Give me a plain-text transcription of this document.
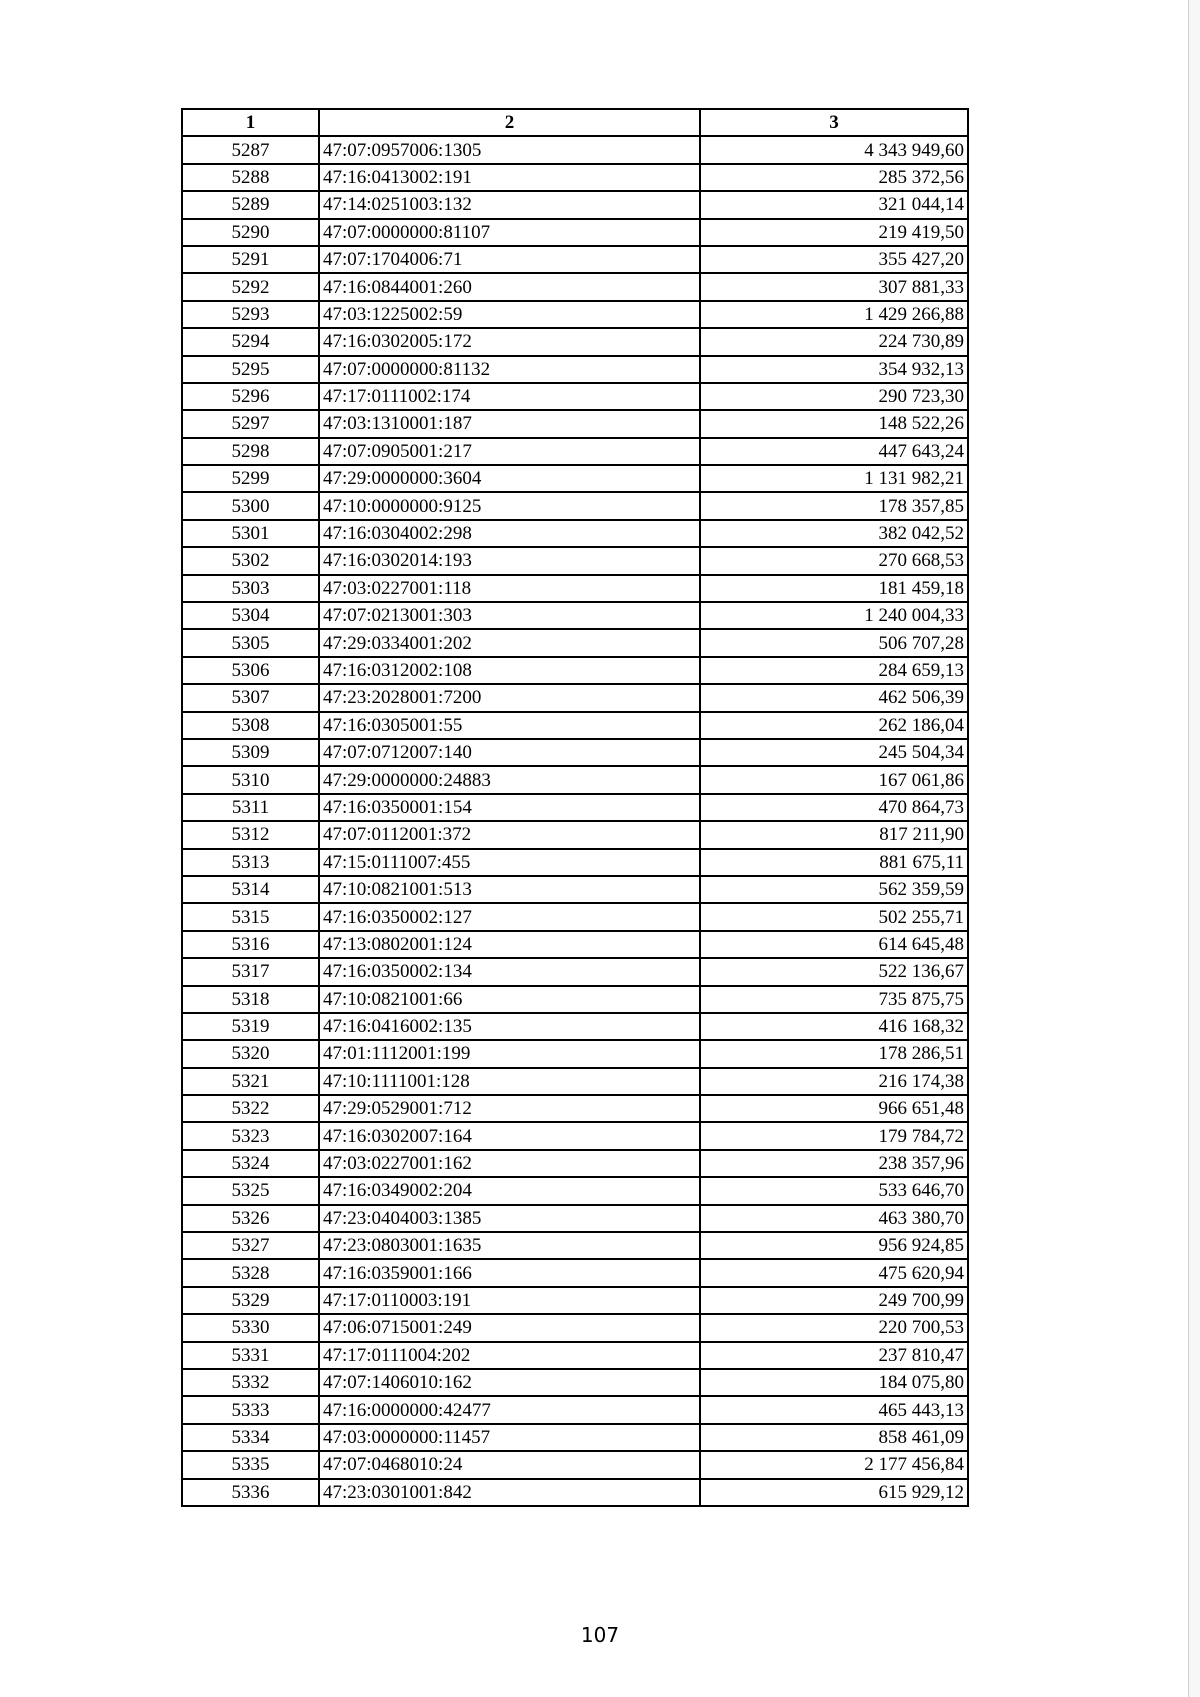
1	2	3
5287	47:07:0957006:1305	4 343 949,60
5288	47:16:0413002:191	285 372,56
5289	47:14:0251003:132	321 044,14
5290	47:07:0000000:81107	219 419,50
5291	47:07:1704006:71	355 427,20
5292	47:16:0844001:260	307 881,33
5293	47:03:1225002:59	1 429 266,88
5294	47:16:0302005:172	224 730,89
5295	47:07:0000000:81132	354 932,13
5296	47:17:0111002:174	290 723,30
5297	47:03:1310001:187	148 522,26
5298	47:07:0905001:217	447 643,24
5299	47:29:0000000:3604	1 131 982,21
5300	47:10:0000000:9125	178 357,85
5301	47:16:0304002:298	382 042,52
5302	47:16:0302014:193	270 668,53
5303	47:03:0227001:118	181 459,18
5304	47:07:0213001:303	1 240 004,33
5305	47:29:0334001:202	506 707,28
5306	47:16:0312002:108	284 659,13
5307	47:23:2028001:7200	462 506,39
5308	47:16:0305001:55	262 186,04
5309	47:07:0712007:140	245 504,34
5310	47:29:0000000:24883	167 061,86
5311	47:16:0350001:154	470 864,73
5312	47:07:0112001:372	817 211,90
5313	47:15:0111007:455	881 675,11
5314	47:10:0821001:513	562 359,59
5315	47:16:0350002:127	502 255,71
5316	47:13:0802001:124	614 645,48
5317	47:16:0350002:134	522 136,67
5318	47:10:0821001:66	735 875,75
5319	47:16:0416002:135	416 168,32
5320	47:01:1112001:199	178 286,51
5321	47:10:1111001:128	216 174,38
5322	47:29:0529001:712	966 651,48
5323	47:16:0302007:164	179 784,72
5324	47:03:0227001:162	238 357,96
5325	47:16:0349002:204	533 646,70
5326	47:23:0404003:1385	463 380,70
5327	47:23:0803001:1635	956 924,85
5328	47:16:0359001:166	475 620,94
5329	47:17:0110003:191	249 700,99
5330	47:06:0715001:249	220 700,53
5331	47:17:0111004:202	237 810,47
5332	47:07:1406010:162	184 075,80
5333	47:16:0000000:42477	465 443,13
5334	47:03:0000000:11457	858 461,09
5335	47:07:0468010:24	2 177 456,84
5336	47:23:0301001:842	615 929,12
107
